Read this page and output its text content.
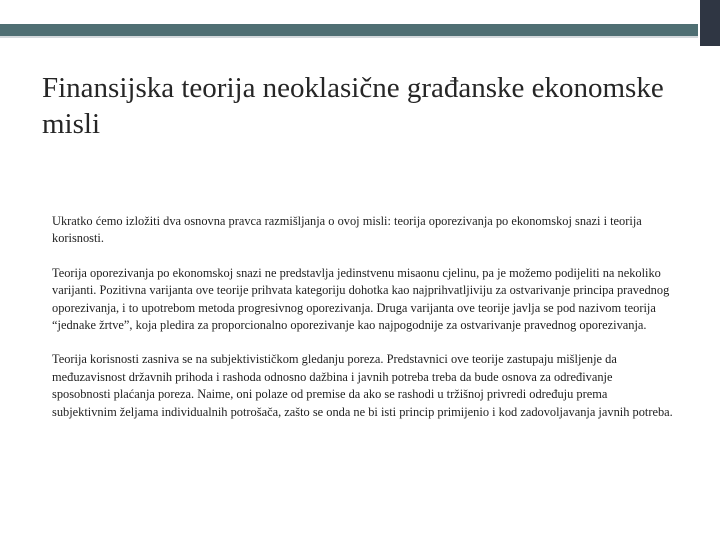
Finansijska teorija neoklasične građanske ekonomske misli

Ukratko ćemo izložiti dva osnovna pravca razmišljanja o ovoj misli: teorija oporezivanja po ekonomskoj snazi i teorija korisnosti.

Teorija oporezivanja po ekonomskoj snazi ne predstavlja jedinstvenu misaonu cjelinu, pa je možemo podijeliti na nekoliko varijanti. Pozitivna varijanta ove teorije prihvata kategoriju dohotka kao najprihvatljiviju za ostvarivanje principa pravednog oporezivanja, i to upotrebom metoda progresivnog oporezivanja. Druga varijanta ove teorije javlja se pod nazivom teorija “jednake žrtve”, koja pledira za proporcionalno oporezivanje kao najpogodnije za ostvarivanje pravednog oporezivanja.

Teorija korisnosti zasniva se na subjektivističkom gledanju poreza. Predstavnici ove teorije zastupaju mišljenje da međuzavisnost državnih prihoda i rashoda odnosno dažbina i javnih potreba treba da bude osnova za određivanje sposobnosti plaćanja poreza. Naime, oni polaze od premise da ako se rashodi u tržišnoj privredi određuju prema subjektivnim željama individualnih potrošača, zašto se onda ne bi isti princip primijenio i kod zadovoljavanja javnih potreba.
